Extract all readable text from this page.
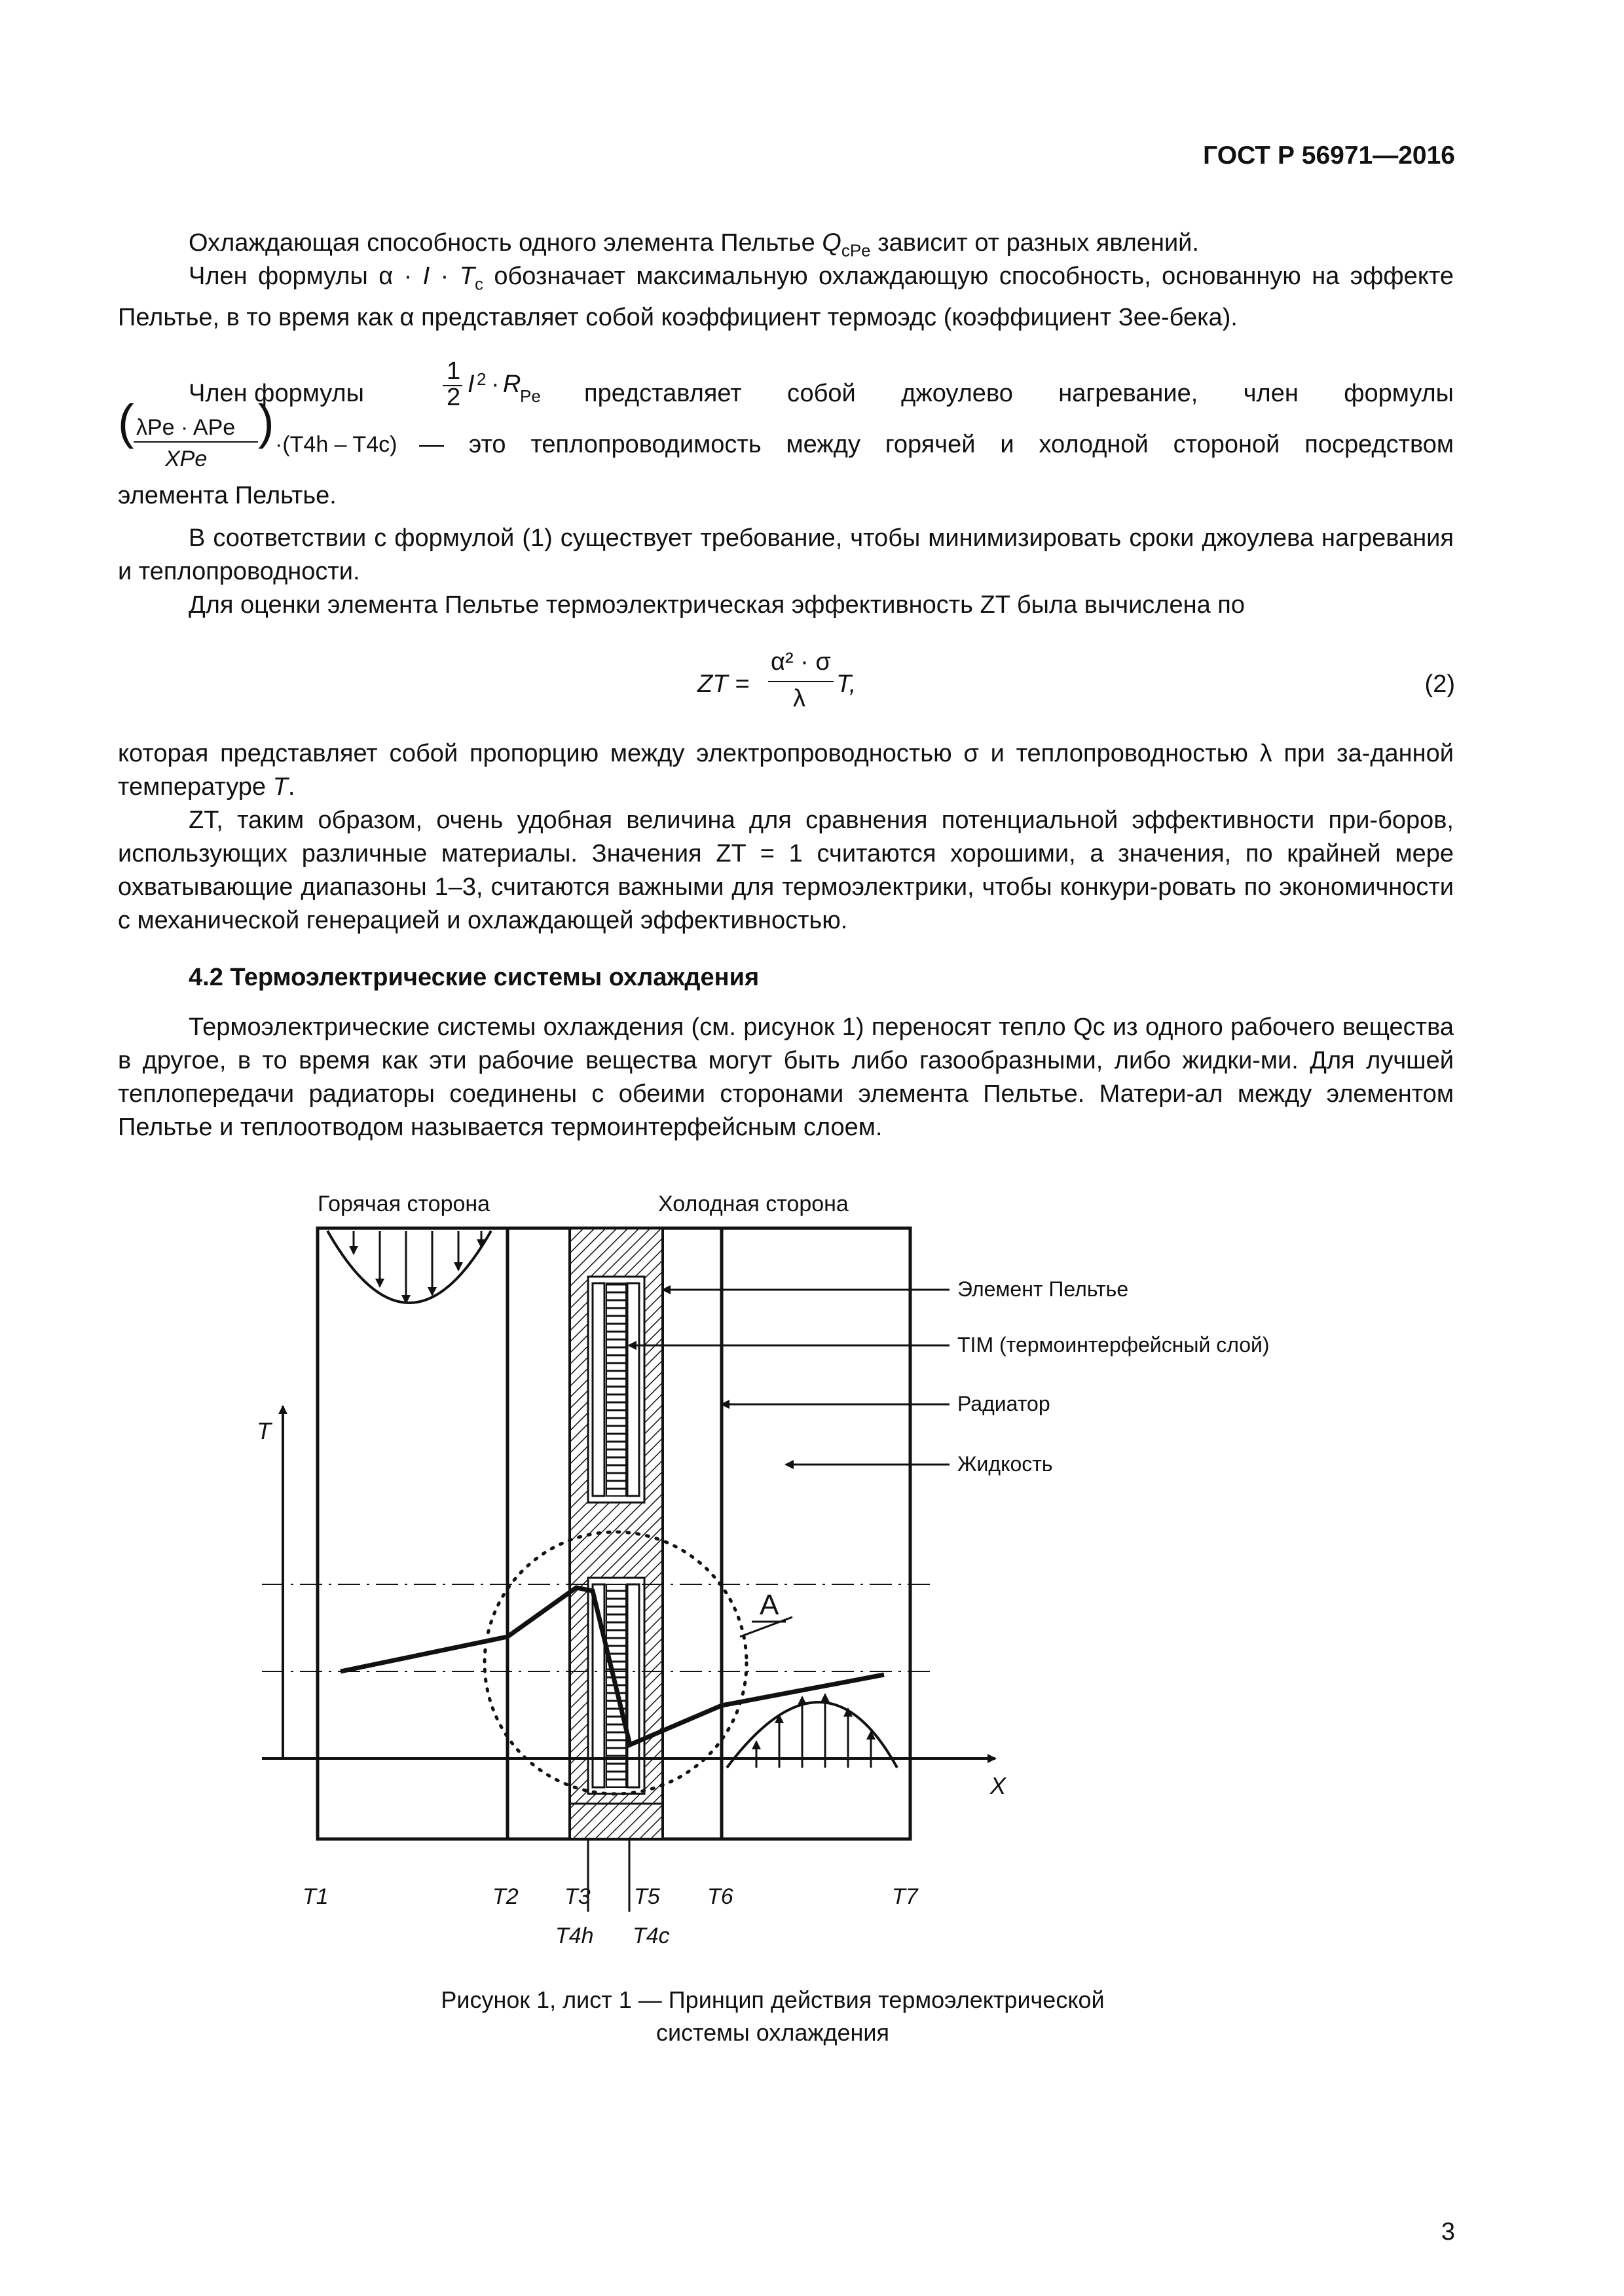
ГОСТ Р 56971—2016

Охлаждающая способность одного элемента Пельтье $Q_{cPe}$ зависит от разных явлений.

Член формулы $\alpha \cdot I \cdot T_c$ обозначает максимальную охлаждающую способность, основанную на эффекте Пельтье, в то время как α представляет собой коэффициент термоэдс (коэффициент Зее-бека).

Член формулы
1
2 I 2 · R
Pe представляет собой джоулево нагревание, член формулы
( λPe · APe
XPe
) ·(T4h – T4c) — это теплопроводимость между горячей и холодной стороной посредством

элемента Пельтье.

В соответствии с формулой (1) существует требование, чтобы минимизировать сроки джоулева нагревания и теплопроводности.

Для оценки элемента Пельтье термоэлектрическая эффективность ZT была вычислена по

ZT =
α² · σ
λ
T,	(2)

которая представляет собой пропорцию между электропроводностью σ и теплопроводностью λ при за-данной температуре T.

ZT, таким образом, очень удобная величина для сравнения потенциальной эффективности при-боров, использующих различные материалы. Значения ZT = 1 считаются хорошими, а значения, по крайней мере охватывающие диапазоны 1–3, считаются важными для термоэлектрики, чтобы конкури-ровать по экономичности с механической генерацией и охлаждающей эффективностью.

4.2 Термоэлектрические системы охлаждения

Термоэлектрические системы охлаждения (см. рисунок 1) переносят тепло Qc из одного рабочего вещества в другое, в то время как эти рабочие вещества могут быть либо газообразными, либо жидки-ми. Для лучшей теплопередачи радиаторы соединены с обеими сторонами элемента Пельтье. Матери-ал между элементом Пельтье и теплоотводом называется термоинтерфейсным слоем.

Горячая сторона	Холодная сторона
T
X
A
Элемент Пельтье
TIM (термоинтерфейсный слой)
Радиатор
Жидкость
T1	T2 T3 T5 T6	T7
T4h T4c
Рисунок 1, лист 1 — Принцип действия термоэлектрической
системы охлаждения
3
